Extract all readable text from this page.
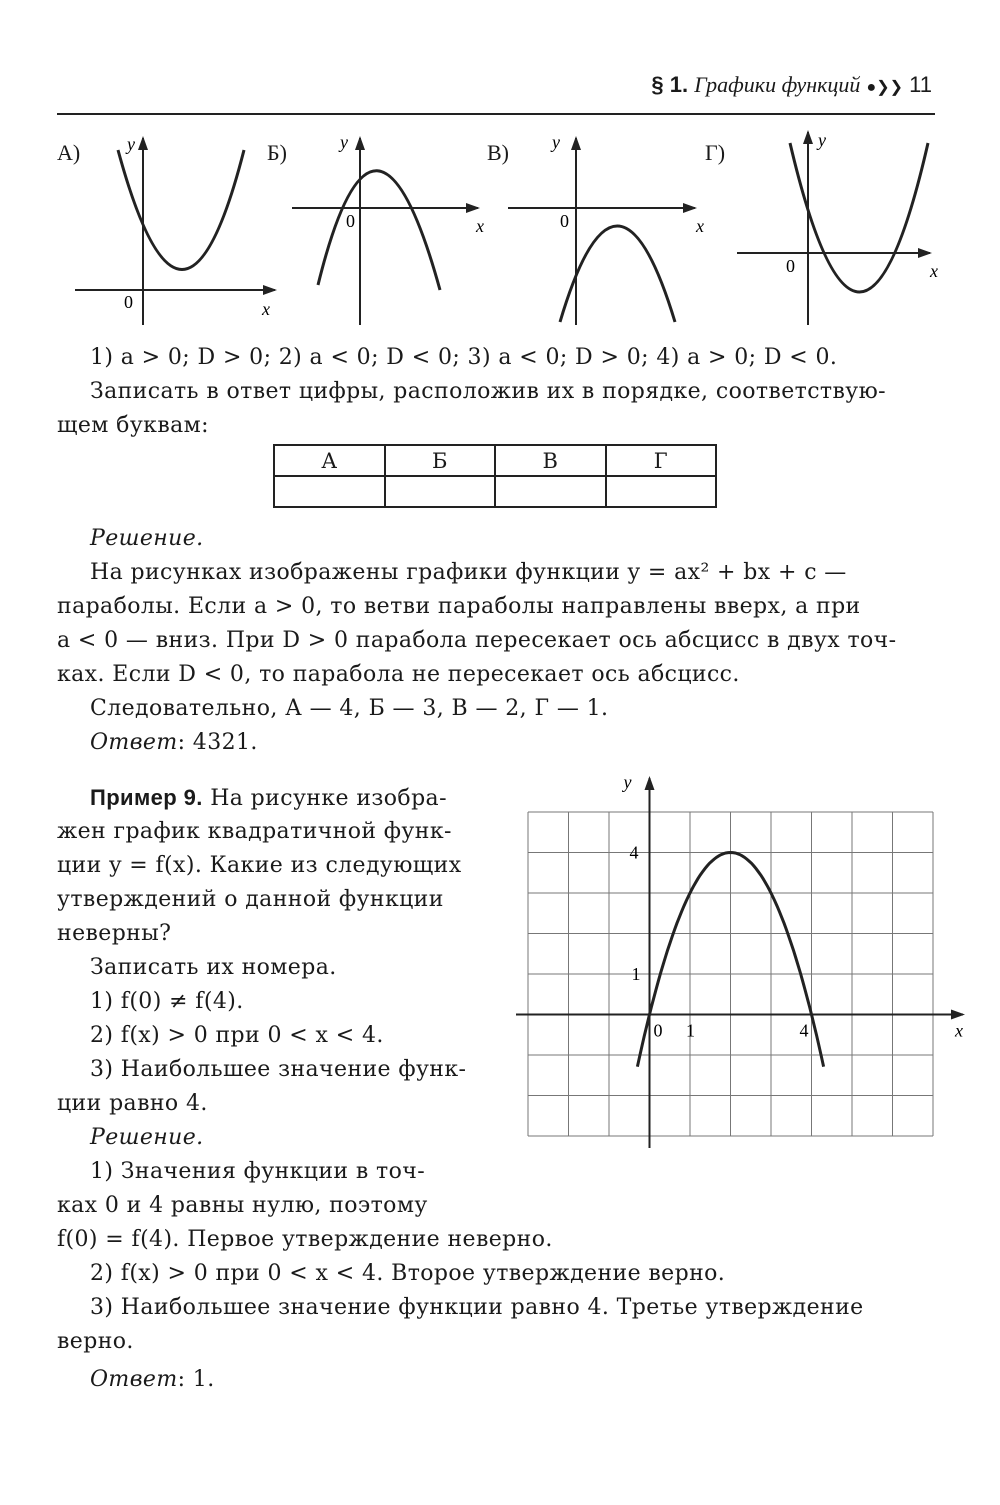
§ 1. Графики функций ●❯❯ 11
А)	Б)	В)	Г)
y
x
0
y
x
0
y
x
0
y
x
0
1) a > 0; D > 0; 2) a < 0; D < 0; 3) a < 0; D > 0; 4) a > 0; D < 0.
Записать в ответ цифры, расположив их в порядке, соответствую-
щем буквам:
А	Б	В	Г

Решение.
На рисунках изображены графики функции y = ax² + bx + c —
параболы. Если a > 0, то ветви параболы направлены вверх, а при
a < 0 — вниз. При D > 0 парабола пересекает ось абсцисс в двух точ-
ках. Если D < 0, то парабола не пересекает ось абсцисс.
Следовательно, А — 4, Б — 3, В — 2, Г — 1.
Ответ: 4321.
Пример 9. На рисунке изобра-
жен график квадратичной функ-
ции y = f(x). Какие из следующих
утверждений о данной функции
неверны?
Записать их номера.
1) f(0) ≠ f(4).
2) f(x) > 0 при 0 < x < 4.
3) Наибольшее значение функ-
ции равно 4.
Решение.
1) Значения функции в точ-
ках 0 и 4 равны нулю, поэтому
f(0) = f(4). Первое утверждение неверно.
2) f(x) > 0 при 0 < x < 4. Второе утверждение верно.
3) Наибольшее значение функции равно 4. Третье утверждение
верно.
Ответ: 1.
y
x
0 1	4
1
4
